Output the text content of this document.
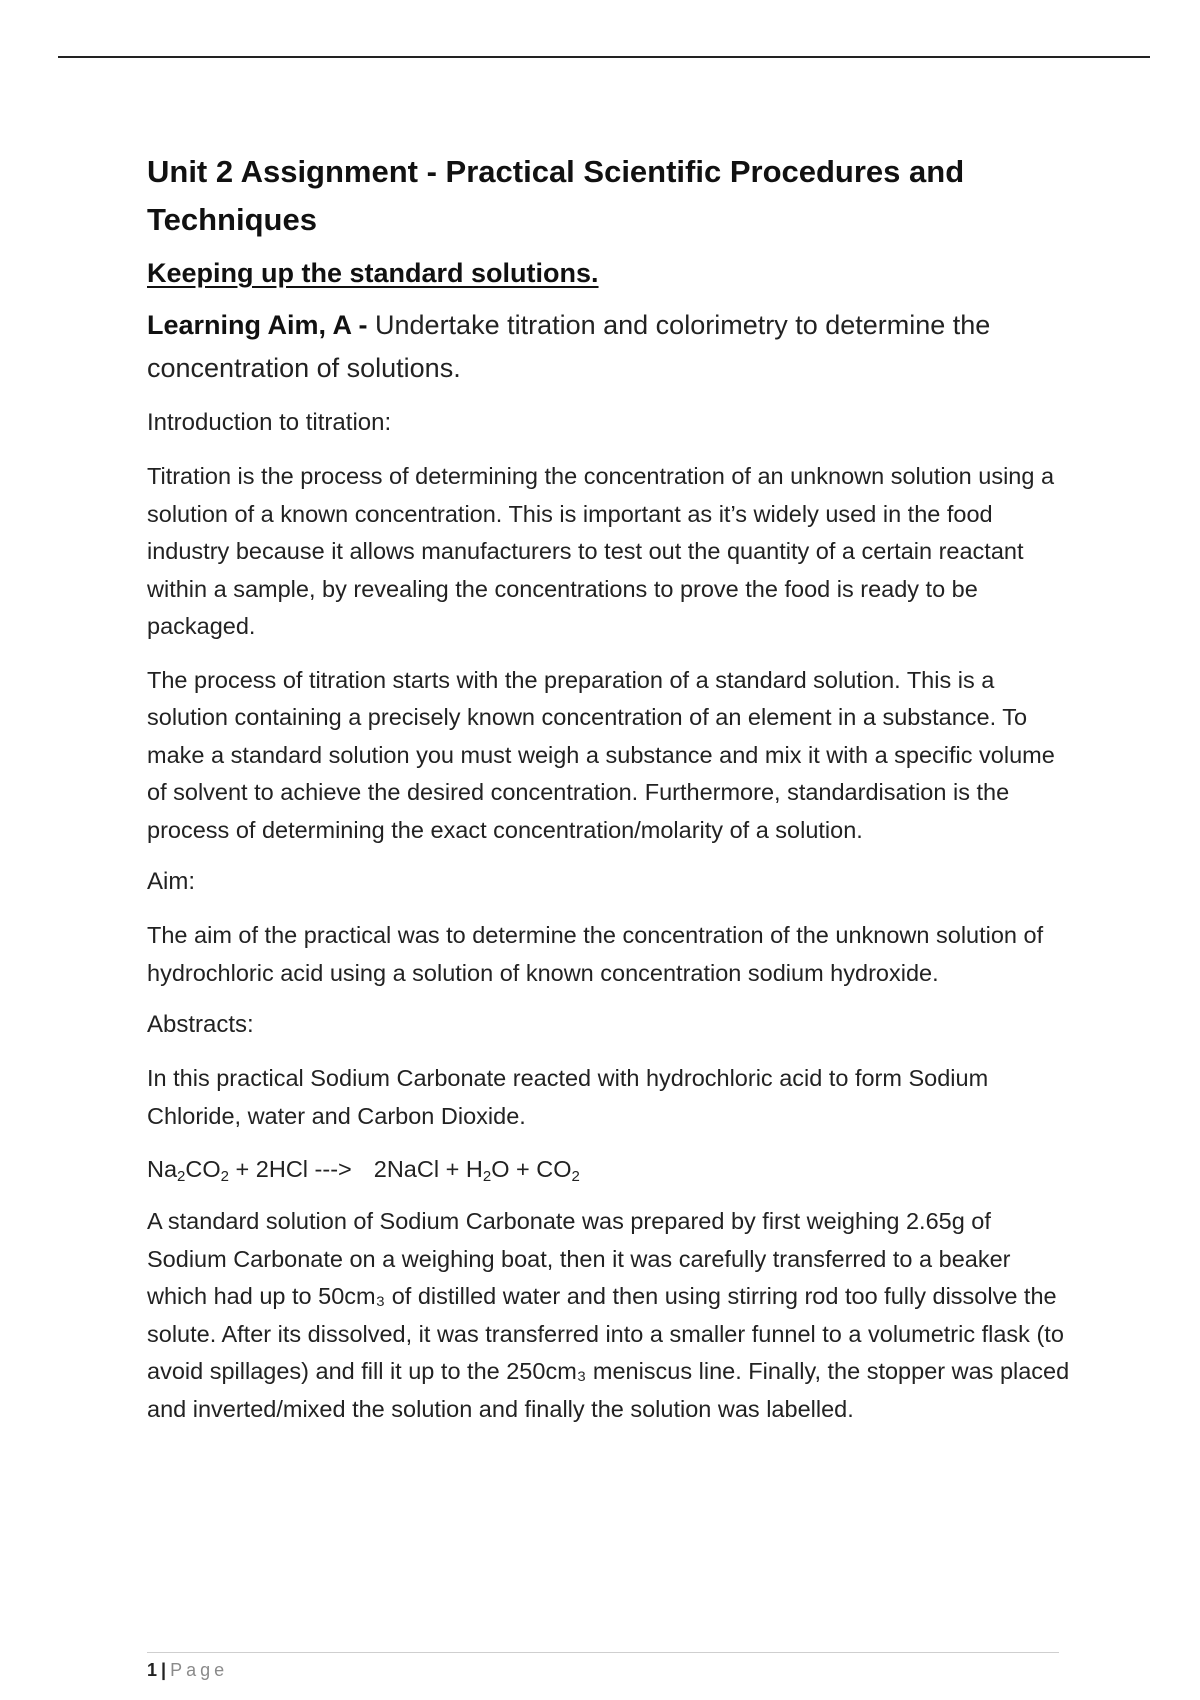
Unit 2 Assignment - Practical Scientific Procedures and Techniques
Keeping up the standard solutions.
Learning Aim, A - Undertake titration and colorimetry to determine the concentration of solutions.
Introduction to titration:

Titration is the process of determining the concentration of an unknown solution using a solution of a known concentration. This is important as it’s widely used in the food industry because it allows manufacturers to test out the quantity of a certain reactant within a sample, by revealing the concentrations to prove the food is ready to be packaged.

The process of titration starts with the preparation of a standard solution. This is a solution containing a precisely known concentration of an element in a substance. To make a standard solution you must weigh a substance and mix it with a specific volume of solvent to achieve the desired concentration. Furthermore, standardisation is the process of determining the exact concentration/molarity of a solution.

Aim:

The aim of the practical was to determine the concentration of the unknown solution of hydrochloric acid using a solution of known concentration sodium hydroxide.

Abstracts:

In this practical Sodium Carbonate reacted with hydrochloric acid to form Sodium Chloride, water and Carbon Dioxide.

$Na_2CO_2 + 2HCl$ ---> 2NaCl + $H_2O + CO_2$

A standard solution of Sodium Carbonate was prepared by first weighing 2.65g of Sodium Carbonate on a weighing boat, then it was carefully transferred to a beaker which had up to 50cm₃ of distilled water and then using stirring rod too fully dissolve the solute. After its dissolved, it was transferred into a smaller funnel to a volumetric flask (to avoid spillages) and fill it up to the 250cm₃ meniscus line. Finally, the stopper was placed and inverted/mixed the solution and finally the solution was labelled.

1 | Page
